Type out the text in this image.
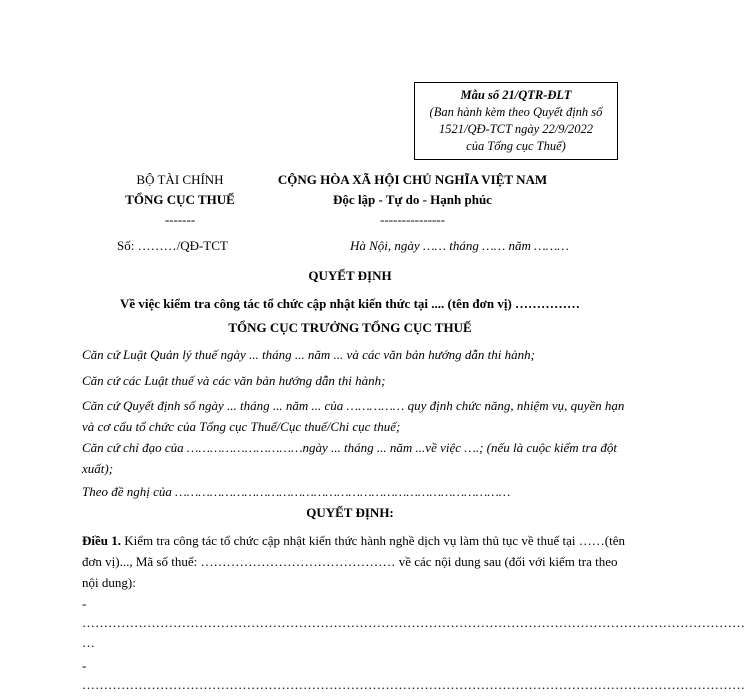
Mẫu số 21/QTR-ĐLT
(Ban hành kèm theo Quyết định số
1521/QĐ-TCT ngày 22/9/2022
của Tổng cục Thuế)
BỘ TÀI CHÍNH
TỔNG CỤC THUẾ
-------
CỘNG HÒA XÃ HỘI CHỦ NGHĨA VIỆT NAM
Độc lập - Tự do - Hạnh phúc
---------------
Số: ………/QĐ-TCT	Hà Nội, ngày …… tháng …… năm ………
QUYẾT ĐỊNH
Về việc kiểm tra công tác tổ chức cập nhật kiến thức tại .... (tên đơn vị) ……………
TỔNG CỤC TRƯỞNG TỔNG CỤC THUẾ
Căn cứ Luật Quản lý thuế ngày ... tháng ... năm ... và các văn bản hướng dẫn thi hành;
Căn cứ các Luật thuế và các văn bản hướng dẫn thi hành;
Căn cứ Quyết định số ngày ... tháng ... năm ... của …………… quy định chức năng, nhiệm vụ, quyền hạn và cơ cấu tổ chức của Tổng cục Thuế/Cục thuế/Chi cục thuế;
Căn cứ chỉ đạo của …………………………ngày ... tháng ... năm ...về việc ….; (nếu là cuộc kiểm tra đột xuất);
Theo đề nghị của ……………………………………………………………………………
QUYẾT ĐỊNH:
Điều 1. Kiểm tra công tác tổ chức cập nhật kiến thức hành nghề dịch vụ làm thủ tục về thuế tại ……(tên đơn vị)..., Mã số thuế: ……………………………………… về các nội dung sau (đối với kiểm tra theo nội dung):
-
………………………………………………………………………………………………………………………………………
…
-
………………………………………………………………………………………………………………………………………
